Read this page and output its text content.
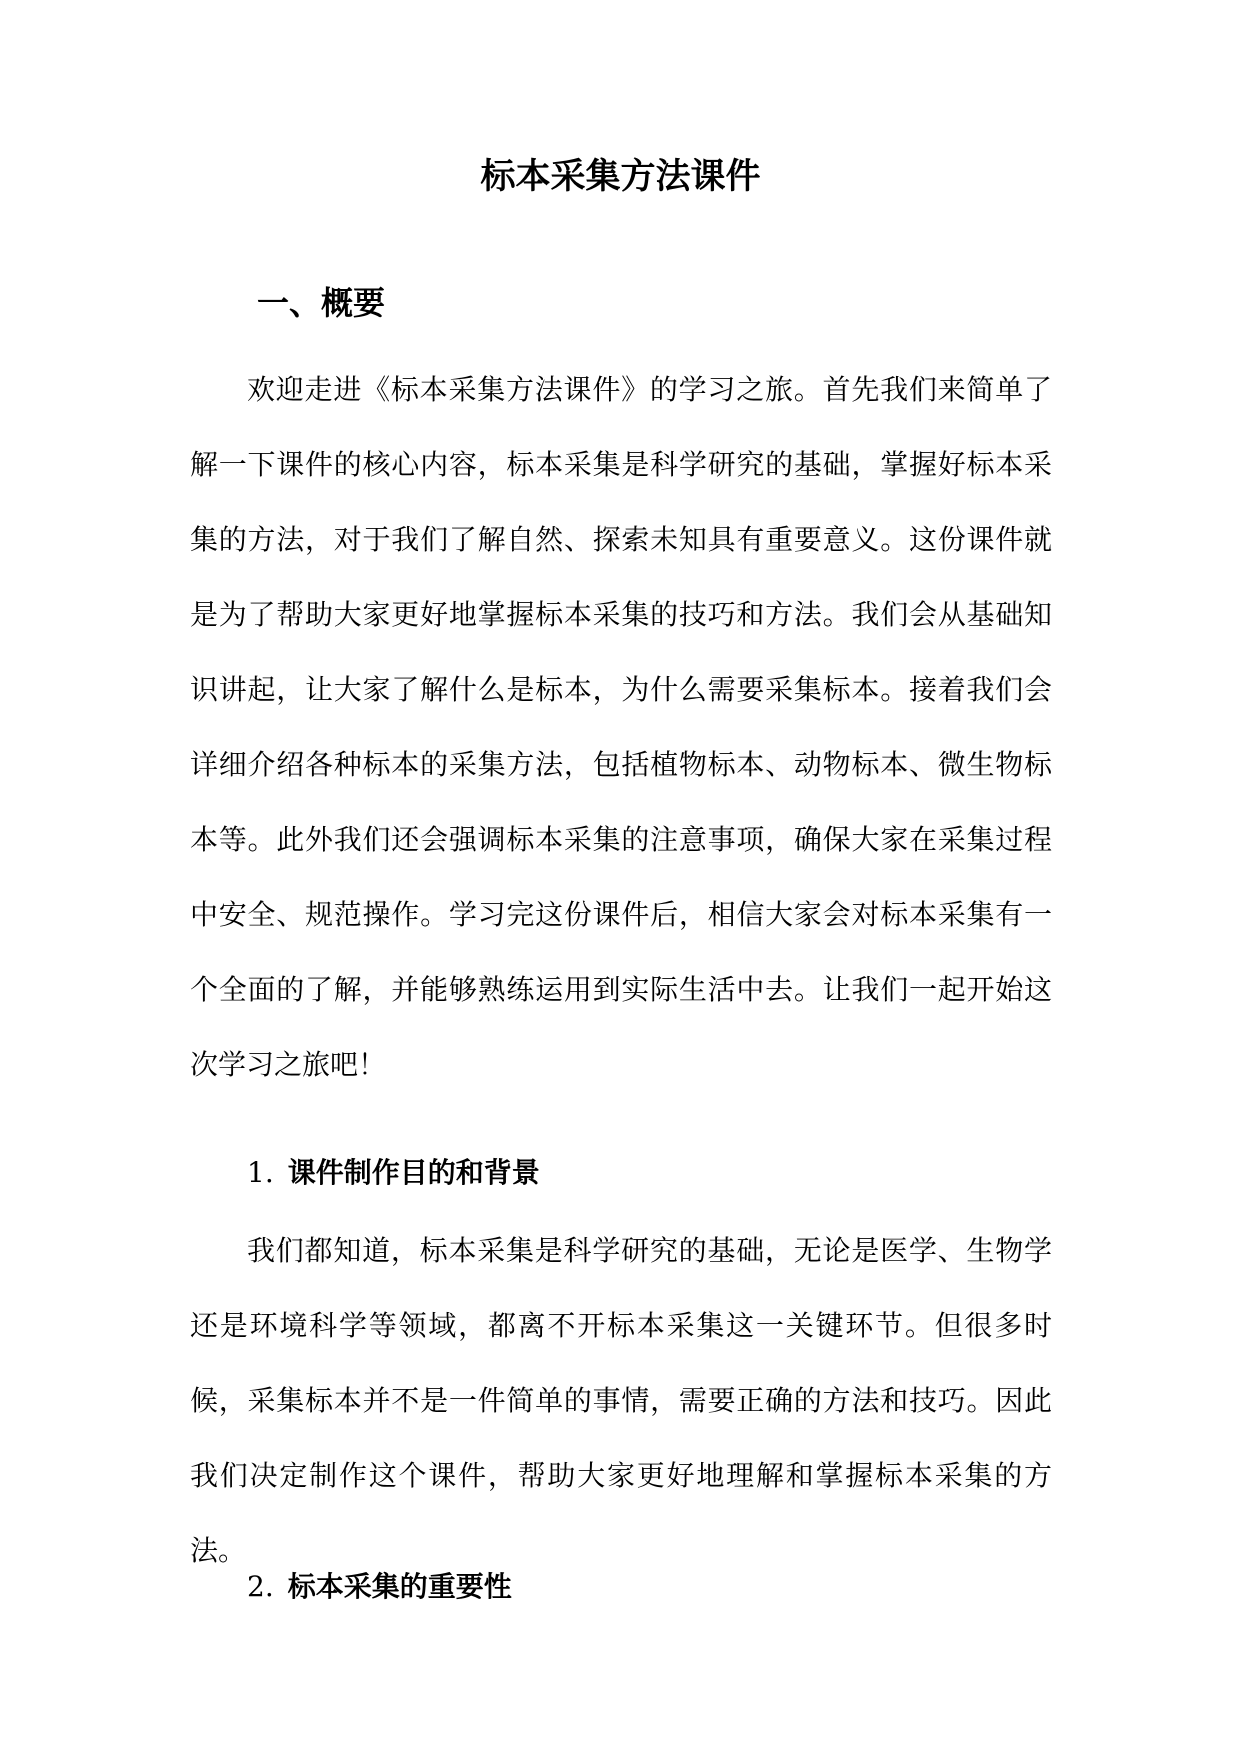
标本采集方法课件
一、概要

欢迎走进《标本采集方法课件》的学习之旅。首先我们来简单了解一下课件的核心内容，标本采集是科学研究的基础，掌握好标本采集的方法，对于我们了解自然、探索未知具有重要意义。这份课件就是为了帮助大家更好地掌握标本采集的技巧和方法。我们会从基础知识讲起，让大家了解什么是标本，为什么需要采集标本。接着我们会详细介绍各种标本的采集方法，包括植物标本、动物标本、微生物标本等。此外我们还会强调标本采集的注意事项，确保大家在采集过程中安全、规范操作。学习完这份课件后，相信大家会对标本采集有一个全面的了解，并能够熟练运用到实际生活中去。让我们一起开始这次学习之旅吧！

1. 课件制作目的和背景

我们都知道，标本采集是科学研究的基础，无论是医学、生物学还是环境科学等领域，都离不开标本采集这一关键环节。但很多时候，采集标本并不是一件简单的事情，需要正确的方法和技巧。因此我们决定制作这个课件，帮助大家更好地理解和掌握标本采集的方法。

2. 标本采集的重要性
